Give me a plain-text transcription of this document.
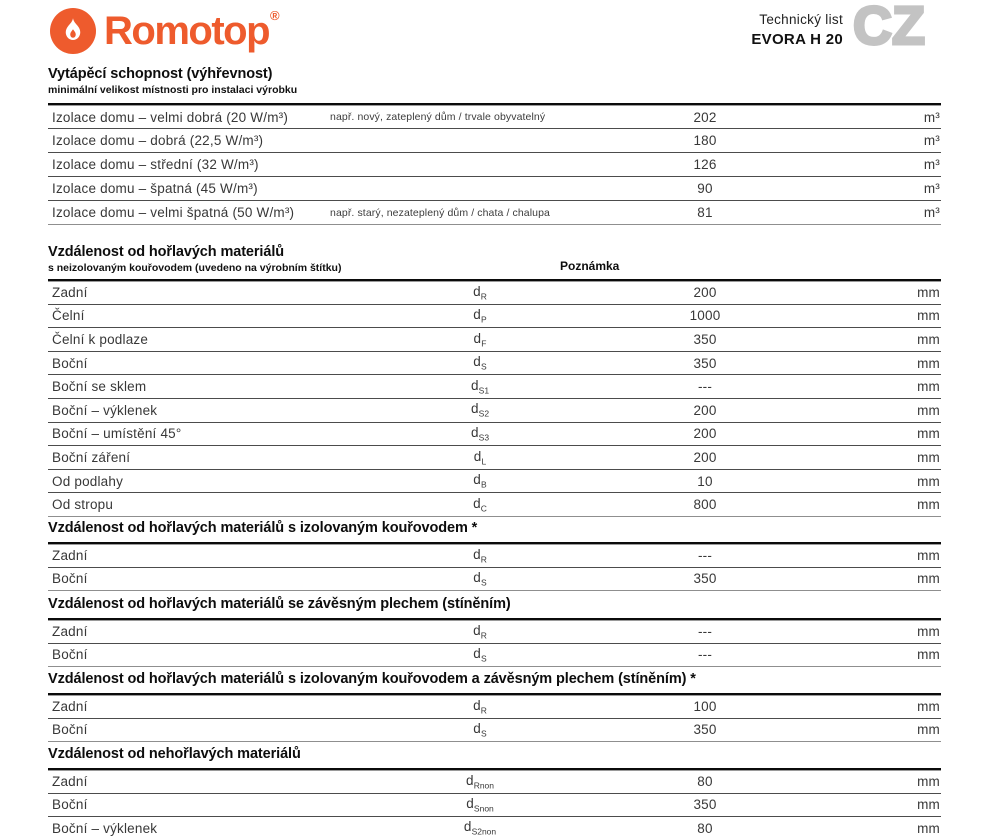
Romotop ®	Technický list
EVORA H 20 CZ
Vytápěcí schopnost (výhřevnost)
minimální velikost místnosti pro instalaci výrobku
Izolace domu – velmi dobrá (20 W/m³)	např. nový, zateplený dům / trvale obyvatelný	202	m³
Izolace domu – dobrá (22,5 W/m³)	180	m³
Izolace domu – střední (32 W/m³)	126	m³
Izolace domu – špatná (45 W/m³)	90	m³
Izolace domu – velmi špatná (50 W/m³)	např. starý, nezateplený dům / chata / chalupa	81	m³
Vzdálenost od hořlavých materiálů
s neizolovaným kouřovodem (uvedeno na výrobním štítku)	Poznámka
Zadní	$d_R$	200	mm
Čelní	$d_P$	1000	mm
Čelní k podlaze	$d_F$	350	mm
Boční	$d_S$	350	mm
Boční se sklem	$d_{S1}$	---	mm
Boční – výklenek	$d_{S2}$	200	mm
Boční – umístění 45°	$d_{S3}$	200	mm
Boční záření	$d_L$	200	mm
Od podlahy	$d_B$	10	mm
Od stropu	$d_C$	800	mm
Vzdálenost od hořlavých materiálů s izolovaným kouřovodem *
Zadní	$d_R$	---	mm
Boční	$d_S$	350	mm
Vzdálenost od hořlavých materiálů se závěsným plechem (stíněním)
Zadní	$d_R$	---	mm
Boční	$d_S$	---	mm
Vzdálenost od hořlavých materiálů s izolovaným kouřovodem a závěsným plechem (stíněním) *
Zadní	$d_R$	100	mm
Boční	$d_S$	350	mm
Vzdálenost od nehořlavých materiálů
Zadní	$d_{Rnon}$	80	mm
Boční	$d_{Snon}$	350	mm
Boční – výklenek	$d_{S2non}$	80	mm
